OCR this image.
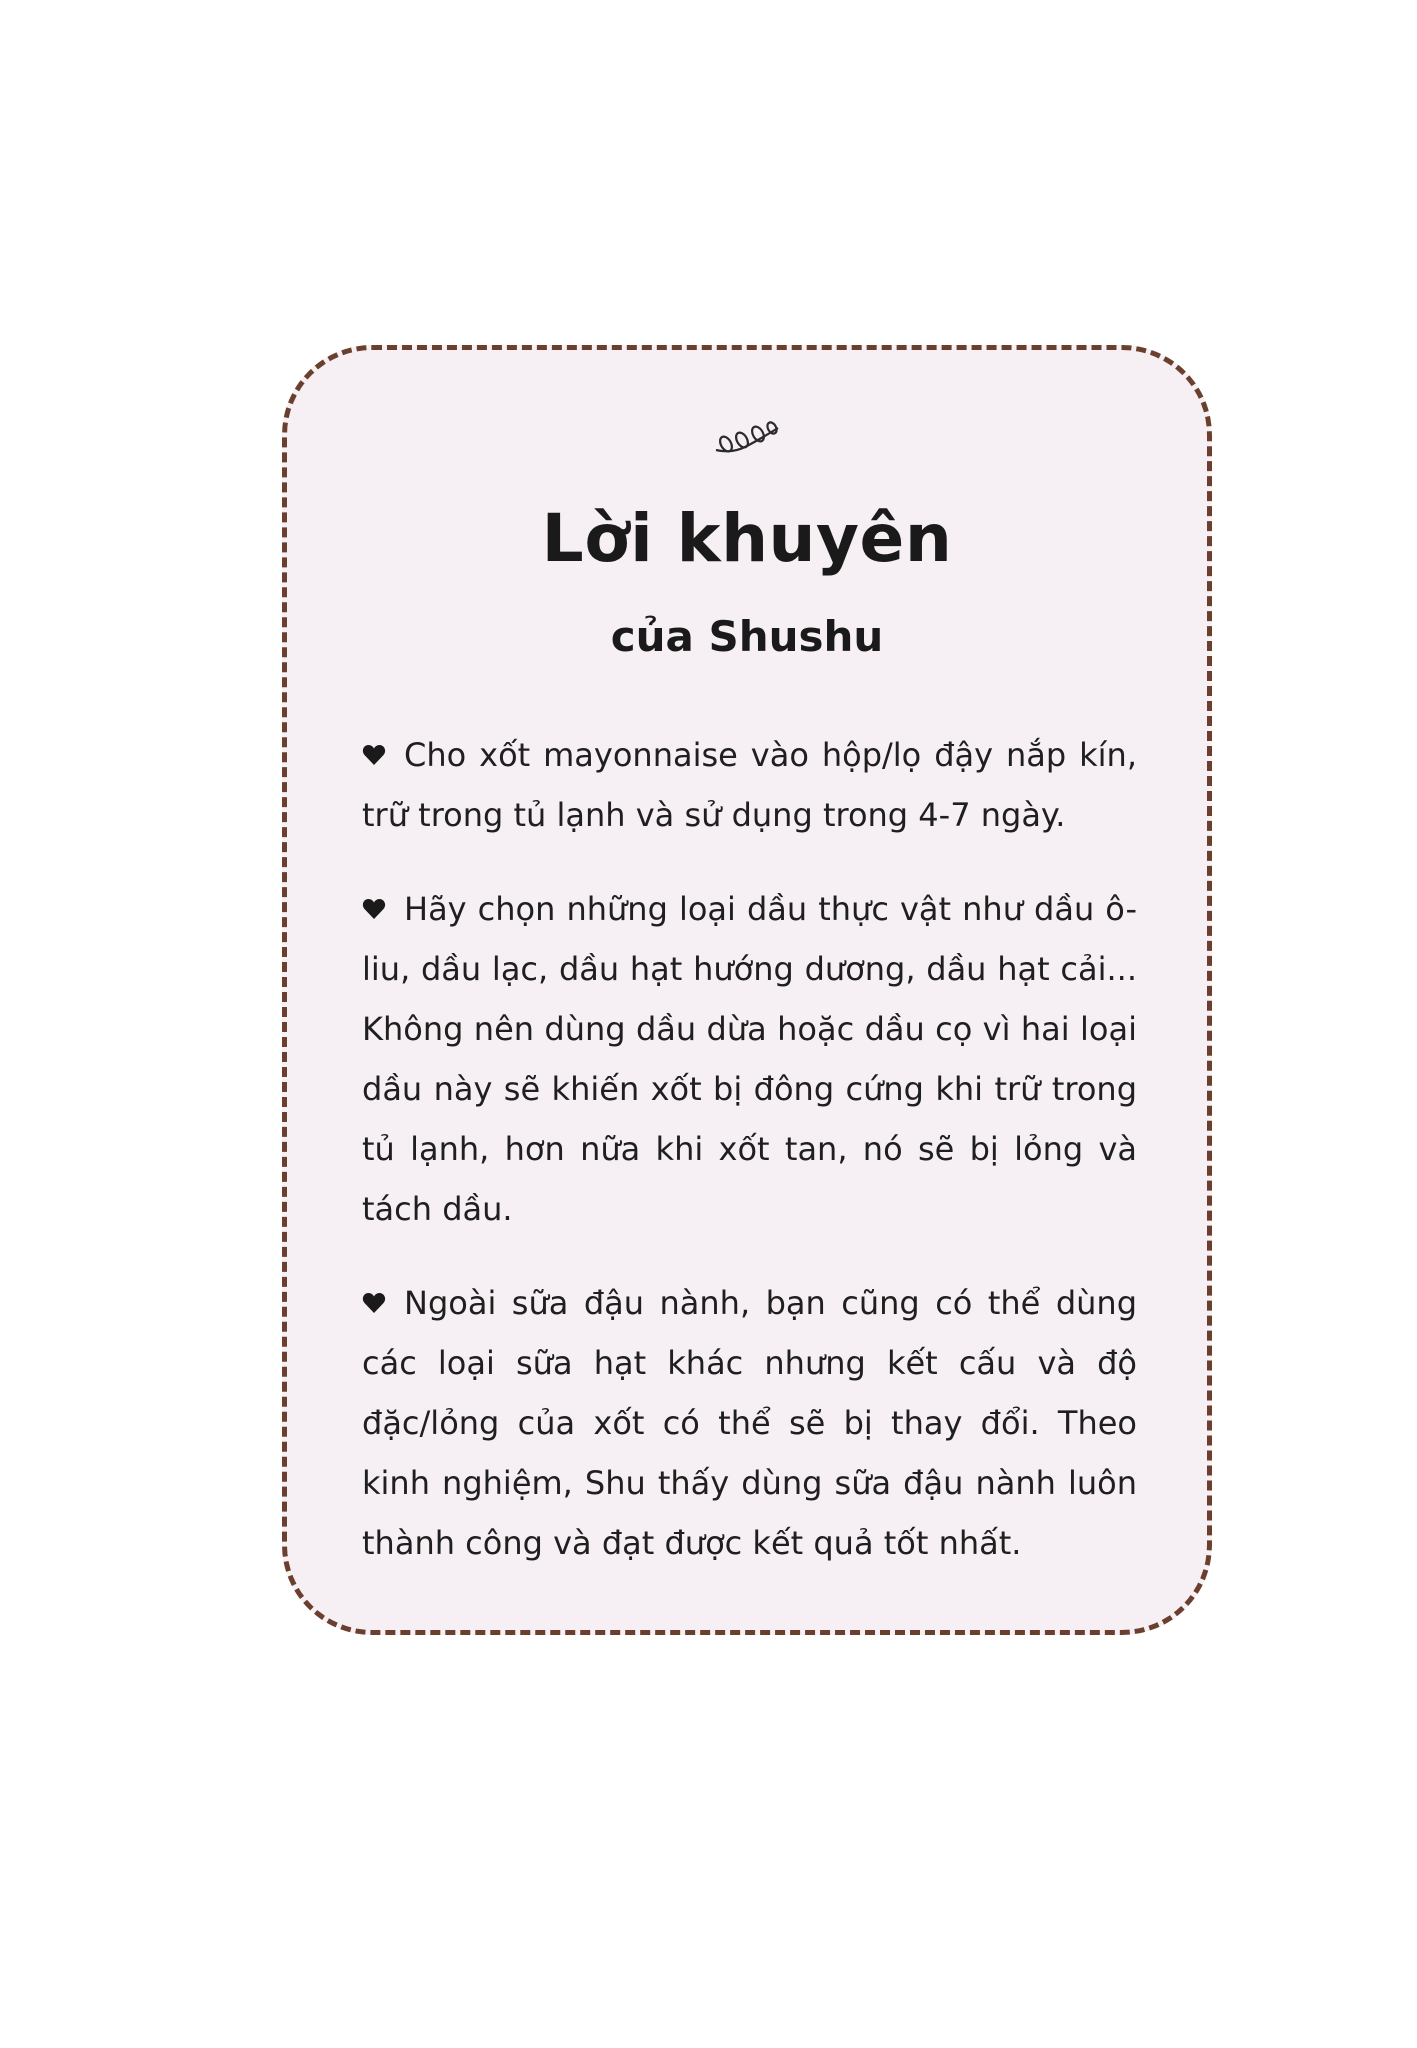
Lời khuyên
của Shushu
Cho xốt mayonnaise vào hộp/lọ đậy nắp kín, trữ trong tủ lạnh và sử dụng trong 4-7 ngày.
Hãy chọn những loại dầu thực vật như dầu ô-liu, dầu lạc, dầu hạt hướng dương, dầu hạt cải... Không nên dùng dầu dừa hoặc dầu cọ vì hai loại dầu này sẽ khiến xốt bị đông cứng khi trữ trong tủ lạnh, hơn nữa khi xốt tan, nó sẽ bị lỏng và tách dầu.
Ngoài sữa đậu nành, bạn cũng có thể dùng các loại sữa hạt khác nhưng kết cấu và độ đặc/lỏng của xốt có thể sẽ bị thay đổi. Theo kinh nghiệm, Shu thấy dùng sữa đậu nành luôn thành công và đạt được kết quả tốt nhất.
